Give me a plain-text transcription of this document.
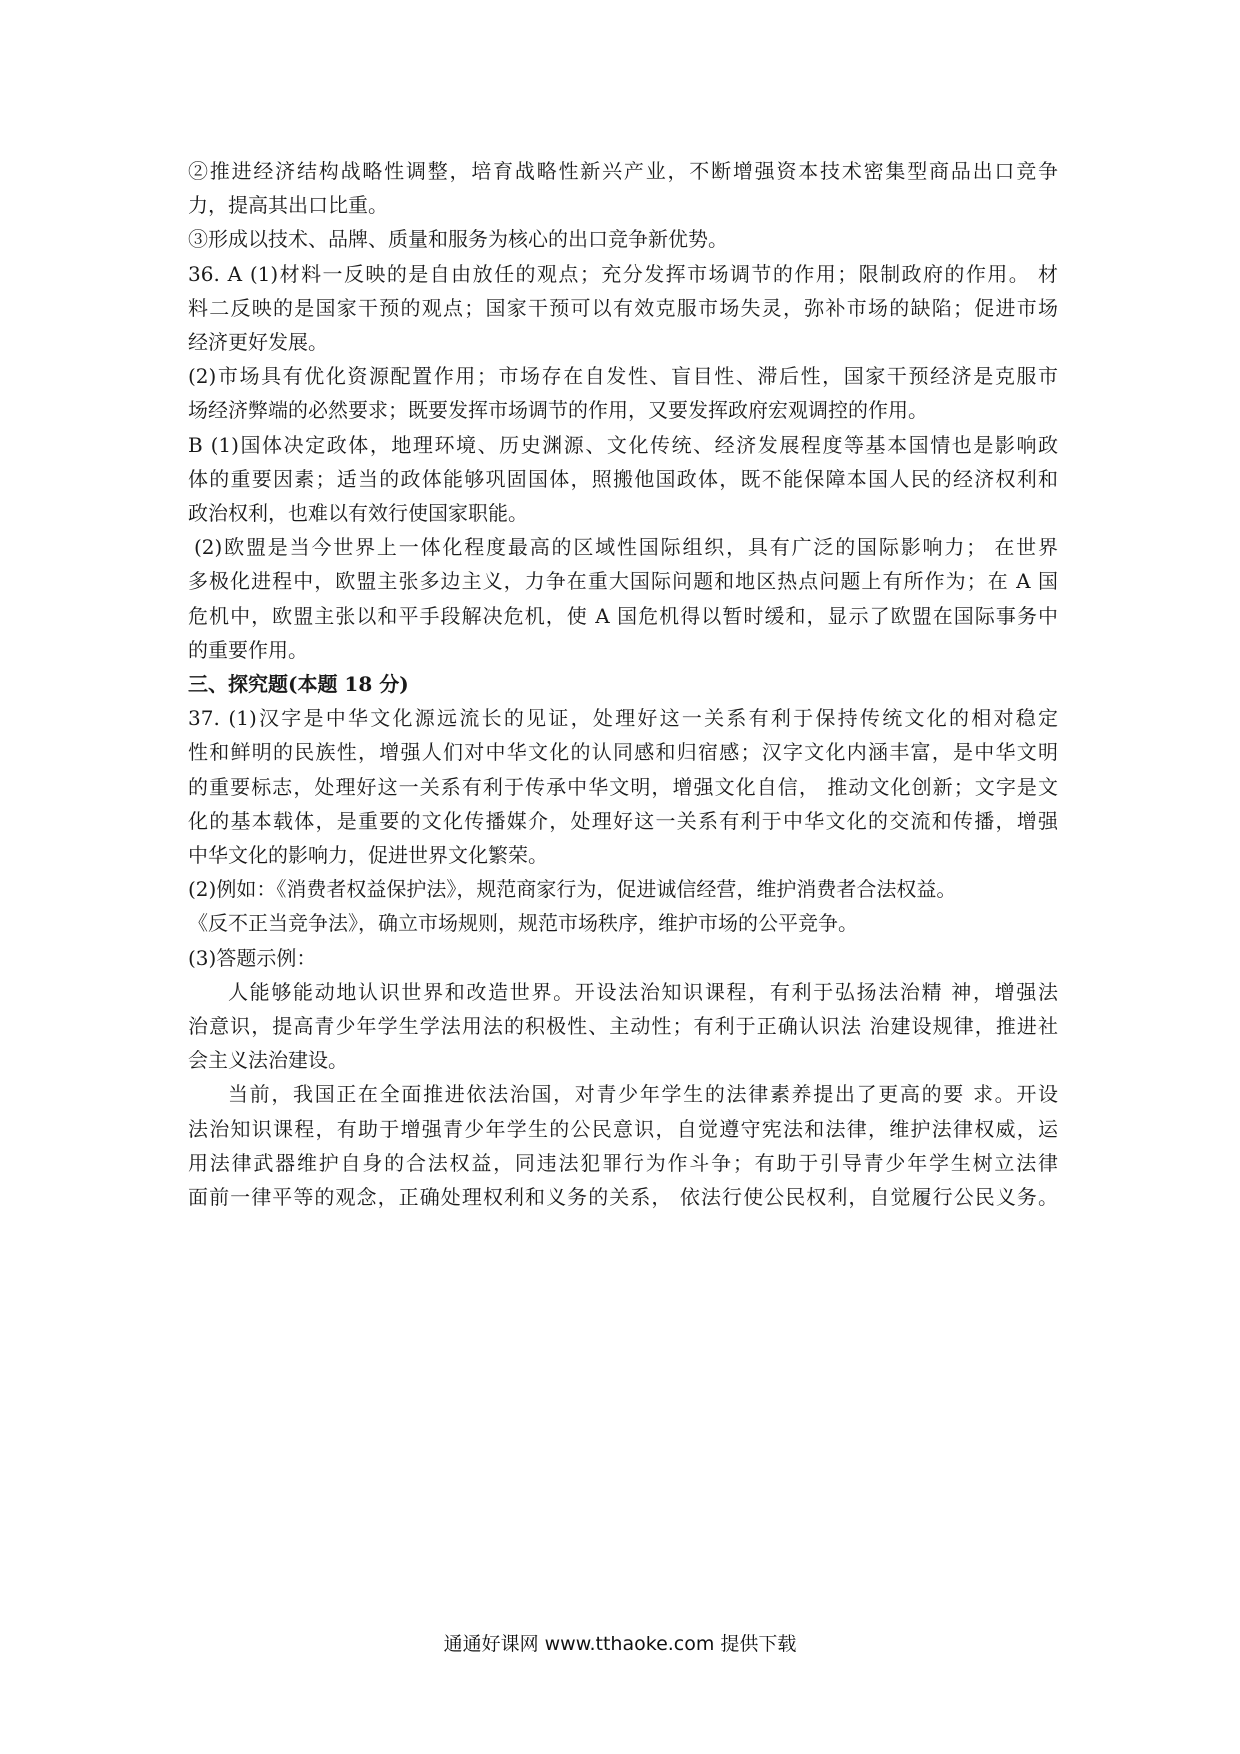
②推进经济结构战略性调整，培育战略性新兴产业，不断增强资本技术密集型商品出口竞争

力，提高其出口比重。

③形成以技术、品牌、质量和服务为核心的出口竞争新优势。

36. A (1)材料一反映的是自由放任的观点；充分发挥市场调节的作用；限制政府的作用。 材

料二反映的是国家干预的观点；国家干预可以有效克服市场失灵，弥补市场的缺陷；促进市场

经济更好发展。

(2)市场具有优化资源配置作用；市场存在自发性、盲目性、滞后性，国家干预经济是克服市

场经济弊端的必然要求；既要发挥市场调节的作用，又要发挥政府宏观调控的作用。

B (1)国体决定政体，地理环境、历史渊源、文化传统、经济发展程度等基本国情也是影响政

体的重要因素；适当的政体能够巩固国体，照搬他国政体，既不能保障本国人民的经济权利和

政治权利，也难以有效行使国家职能。

(2)欧盟是当今世界上一体化程度最高的区域性国际组织，具有广泛的国际影响力； 在世界

多极化进程中，欧盟主张多边主义，力争在重大国际问题和地区热点问题上有所作为；在 A 国

危机中，欧盟主张以和平手段解决危机，使 A 国危机得以暂时缓和，显示了欧盟在国际事务中

的重要作用。

三、探究题(本题 18 分)

37. (1)汉字是中华文化源远流长的见证，处理好这一关系有利于保持传统文化的相对稳定

性和鲜明的民族性，增强人们对中华文化的认同感和归宿感；汉字文化内涵丰富，是中华文明

的重要标志，处理好这一关系有利于传承中华文明，增强文化自信， 推动文化创新；文字是文

化的基本载体，是重要的文化传播媒介，处理好这一关系有利于中华文化的交流和传播，增强

中华文化的影响力，促进世界文化繁荣。

(2)例如：《消费者权益保护法》，规范商家行为，促进诚信经营，维护消费者合法权益。

《反不正当竞争法》，确立市场规则，规范市场秩序，维护市场的公平竞争。

(3)答题示例：

人能够能动地认识世界和改造世界。开设法治知识课程，有利于弘扬法治精 神，增强法

治意识，提高青少年学生学法用法的积极性、主动性；有利于正确认识法 治建设规律，推进社

会主义法治建设。

当前，我国正在全面推进依法治国，对青少年学生的法律素养提出了更高的要 求。开设

法治知识课程，有助于增强青少年学生的公民意识，自觉遵守宪法和法律，维护法律权威，运

用法律武器维护自身的合法权益，同违法犯罪行为作斗争；有助于引导青少年学生树立法律

面前一律平等的观念，正确处理权利和义务的关系， 依法行使公民权利，自觉履行公民义务。

通通好课网 www.tthaoke.com 提供下载
